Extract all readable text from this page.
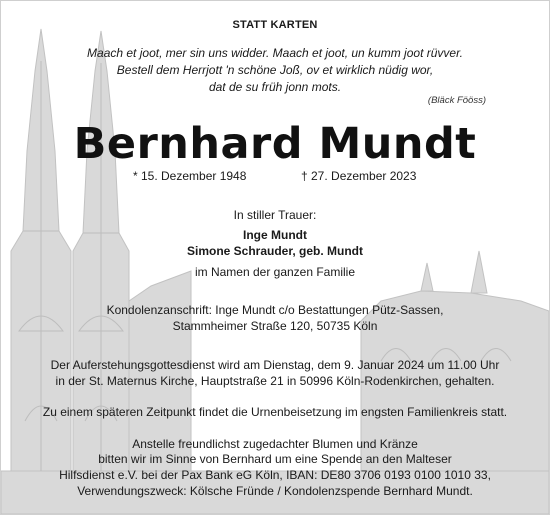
STATT KARTEN
Maach et joot, mer sin uns widder. Maach et joot, un kumm joot rüvver.
Bestell dem Herrjott 'n schöne Joß, ov et wirklich nüdig wor,
dat de su früh jonn mots.
(Bläck Fööss)
Bernhard Mundt
* 15. Dezember 1948	† 27. Dezember 2023
In stiller Trauer:
Inge Mundt
Simone Schrauder, geb. Mundt
im Namen der ganzen Familie
Kondolenzanschrift: Inge Mundt c/o Bestattungen Pütz-Sassen,
Stammheimer Straße 120, 50735 Köln
Der Auferstehungsgottesdienst wird am Dienstag, dem 9. Januar 2024 um 11.00 Uhr
in der St. Maternus Kirche, Hauptstraße 21 in 50996 Köln-Rodenkirchen, gehalten.
Zu einem späteren Zeitpunkt findet die Urnenbeisetzung im engsten Familienkreis statt.
Anstelle freundlichst zugedachter Blumen und Kränze
bitten wir im Sinne von Bernhard um eine Spende an den Malteser
Hilfsdienst e.V. bei der Pax Bank eG Köln, IBAN: DE80 3706 0193 0100 1010 33,
Verwendungszweck: Kölsche Fründe / Kondolenzspende Bernhard Mundt.
